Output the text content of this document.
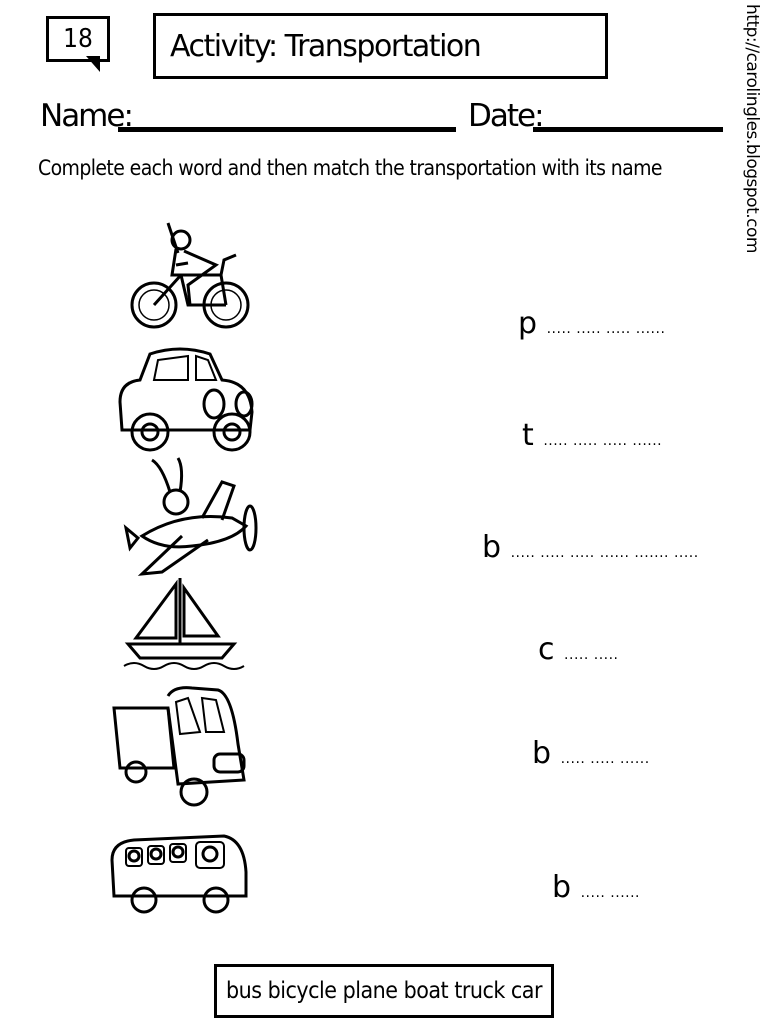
18	Activity: Transportation	http://carolingles.blogspot.com
Name:	Date:
Complete each word and then match the transportation with its name
p ..... ..... ..... ......
t ..... ..... ..... ......
b ..... ..... ..... ...... ....... .....
c ..... .....
b ..... ..... ......
b ..... ......
bus bicycle plane boat truck car
